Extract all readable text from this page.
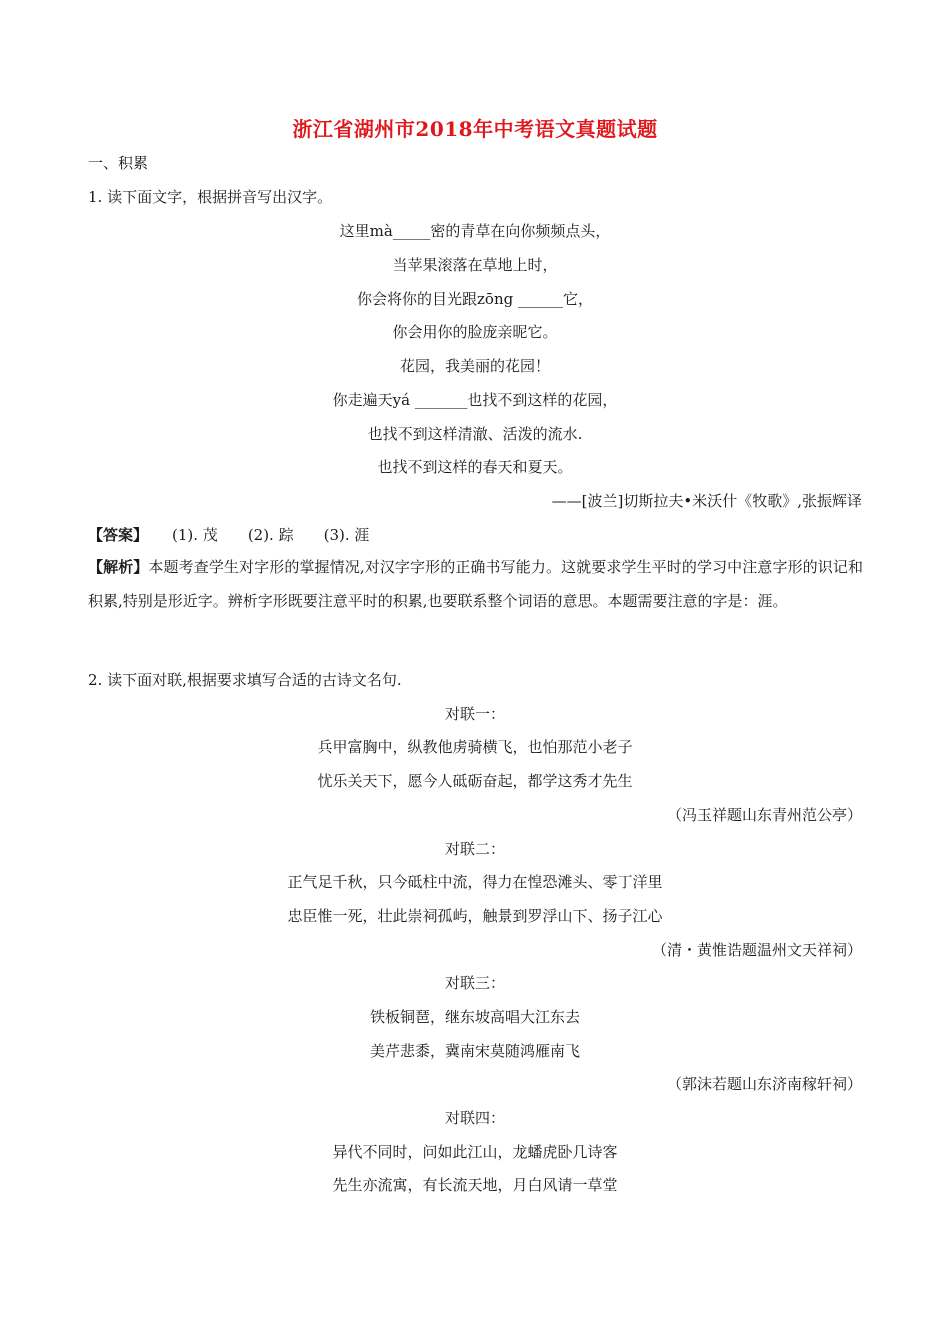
浙江省湖州市2018年中考语文真题试题
一、积累
1. 读下面文字，根据拼音写出汉字。
这里mà_____密的青草在向你频频点头，
当苹果滚落在草地上时，
你会将你的目光跟zōng ______它，
你会用你的脸庞亲昵它。
花园，我美丽的花园！
你走遍天yá _______也找不到这样的花园，
也找不到这样清澈、活泼的流水.
也找不到这样的春天和夏天。
——[波兰]切斯拉夫•米沃什《牧歌》,张振辉译
【答案】 (1). 茂 (2). 踪 (3). 涯
【解析】本题考查学生对字形的掌握情况,对汉字字形的正确书写能力。这就要求学生平时的学习中注意字形的识记和积累,特别是形近字。辨析字形既要注意平时的积累,也要联系整个词语的意思。本题需要注意的字是：涯。
2. 读下面对联,根据要求填写合适的古诗文名句.
对联一：
兵甲富胸中，纵教他虏骑横飞，也怕那范小老子
忧乐关天下，愿今人砥砺奋起，都学这秀才先生
（冯玉祥题山东青州范公亭）
对联二：
正气足千秋，只今砥柱中流，得力在惶恐滩头、零丁洋里
忠臣惟一死，壮此崇祠孤屿，触景到罗浮山下、扬子江心
（清・黄惟诰题温州文天祥祠）
对联三：
铁板铜琶，继东坡高唱大江东去
美芹悲黍，冀南宋莫随鸿雁南飞
（郭沫若题山东济南稼轩祠）
对联四：
异代不同时，问如此江山，龙蟠虎卧几诗客
先生亦流寓，有长流天地，月白风请一草堂
